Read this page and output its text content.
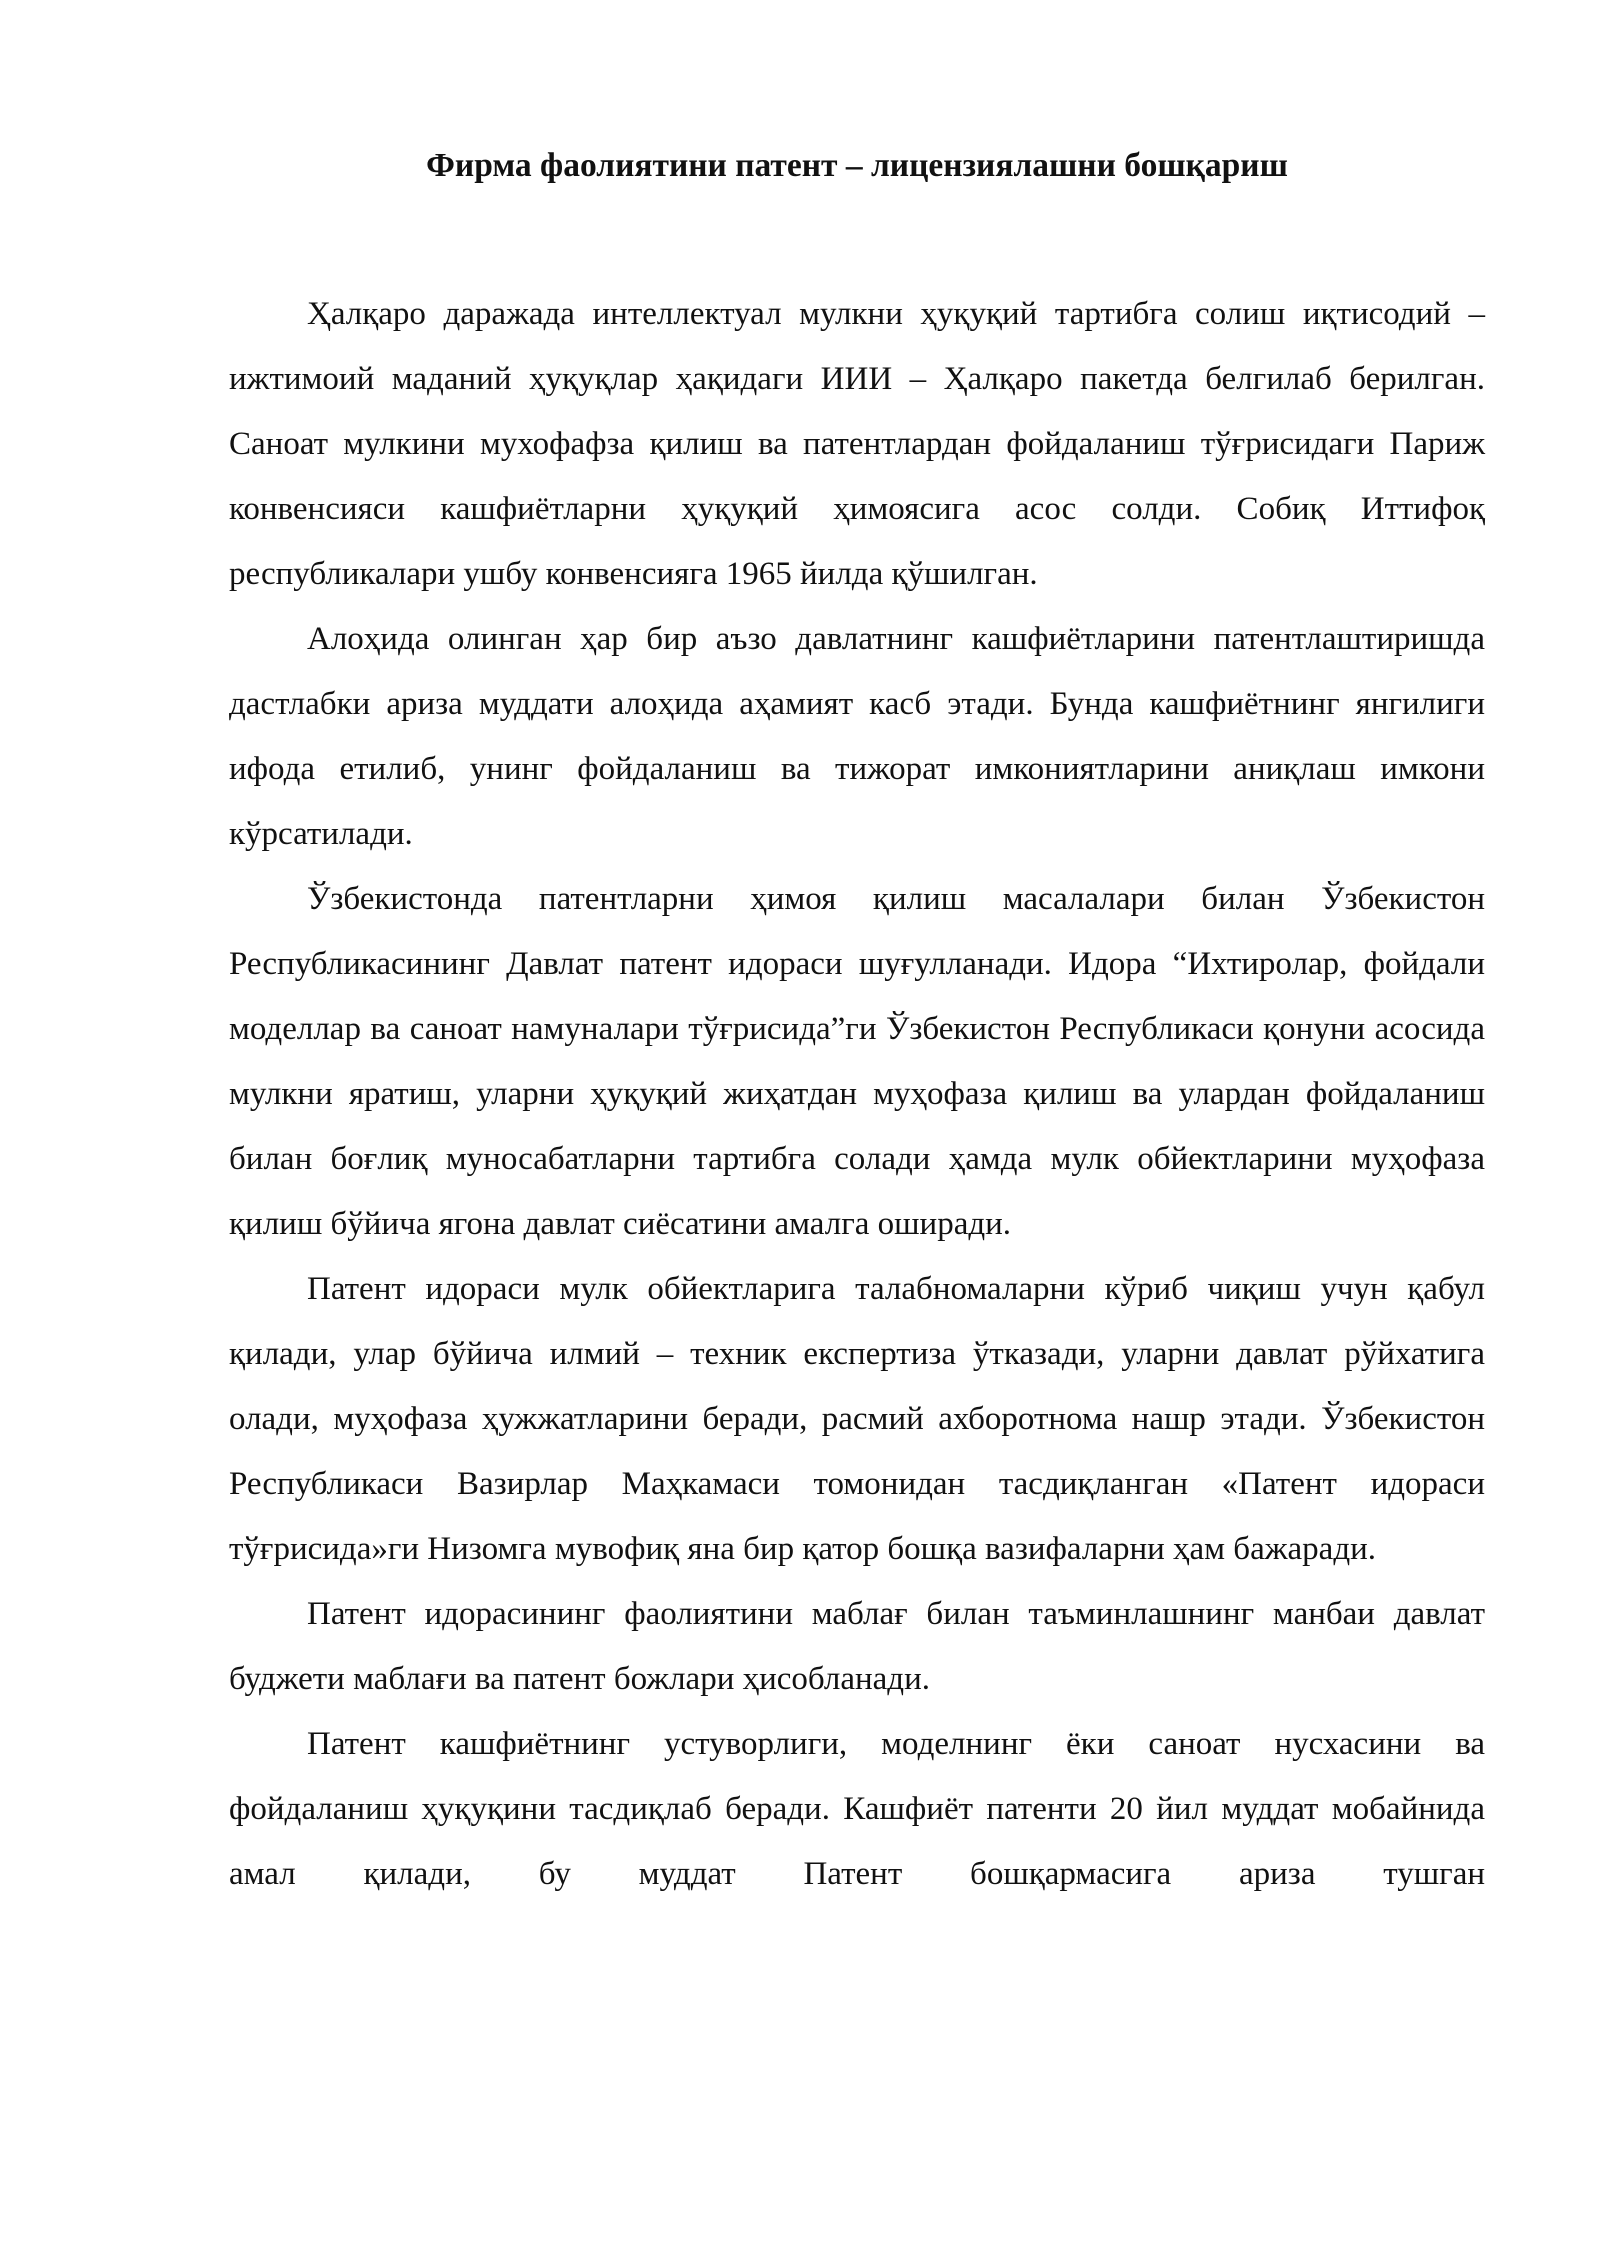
Фирма фаолиятини патент – лицензиялашни бошқариш

Ҳалқаро даражада интеллектуал мулкни ҳуқуқий тартибга солиш иқтисодий – ижтимоий маданий ҳуқуқлар ҳақидаги ИИИ – Ҳалқаро пакетда белгилаб берилган. Саноат мулкини мухофафза қилиш ва патентлардан фойдаланиш тўғрисидаги Париж конвенсияси кашфиётларни ҳуқуқий ҳимоясига асос солди. Собиқ Иттифоқ республикалари ушбу конвенсияга 1965 йилда қўшилган.

Алоҳида олинган ҳар бир аъзо давлатнинг кашфиётларини патентлаштиришда дастлабки ариза муддати алоҳида аҳамият касб этади. Бунда кашфиётнинг янгилиги ифода етилиб, унинг фойдаланиш ва тижорат имкониятларини аниқлаш имкони кўрсатилади.

Ўзбекистонда патентларни ҳимоя қилиш масалалари билан Ўзбекистон Республикасининг Давлат патент идораси шуғулланади. Идора “Ихтиролар, фойдали моделлар ва саноат намуналари тўғрисида”ги Ўзбекистон Республикаси қонуни асосида мулкни яратиш, уларни ҳуқуқий жиҳатдан муҳофаза қилиш ва улардан фойдаланиш билан боғлиқ муносабатларни тартибга солади ҳамда мулк обйектларини муҳофаза қилиш бўйича ягона давлат сиёсатини амалга оширади.

Патент идораси мулк обйектларига талабномаларни кўриб чиқиш учун қабул қилади, улар бўйича илмий – техник експертиза ўтказади, уларни давлат рўйхатига олади, муҳофаза ҳужжатларини беради, расмий ахборотнома нашр этади. Ўзбекистон Республикаси Вазирлар Маҳкамаси томонидан тасдиқланган «Патент идораси тўғрисида»ги Низомга мувофиқ яна бир қатор бошқа вазифаларни ҳам бажаради.

Патент идорасининг фаолиятини маблағ билан таъминлашнинг манбаи давлат буджети маблағи ва патент божлари ҳисобланади.

Патент кашфиётнинг устуворлиги, моделнинг ёки саноат нусхасини ва фойдаланиш ҳуқуқини тасдиқлаб беради. Кашфиёт патенти 20 йил муддат мобайнида амал қилади, бу муддат Патент бошқармасига ариза тушган
